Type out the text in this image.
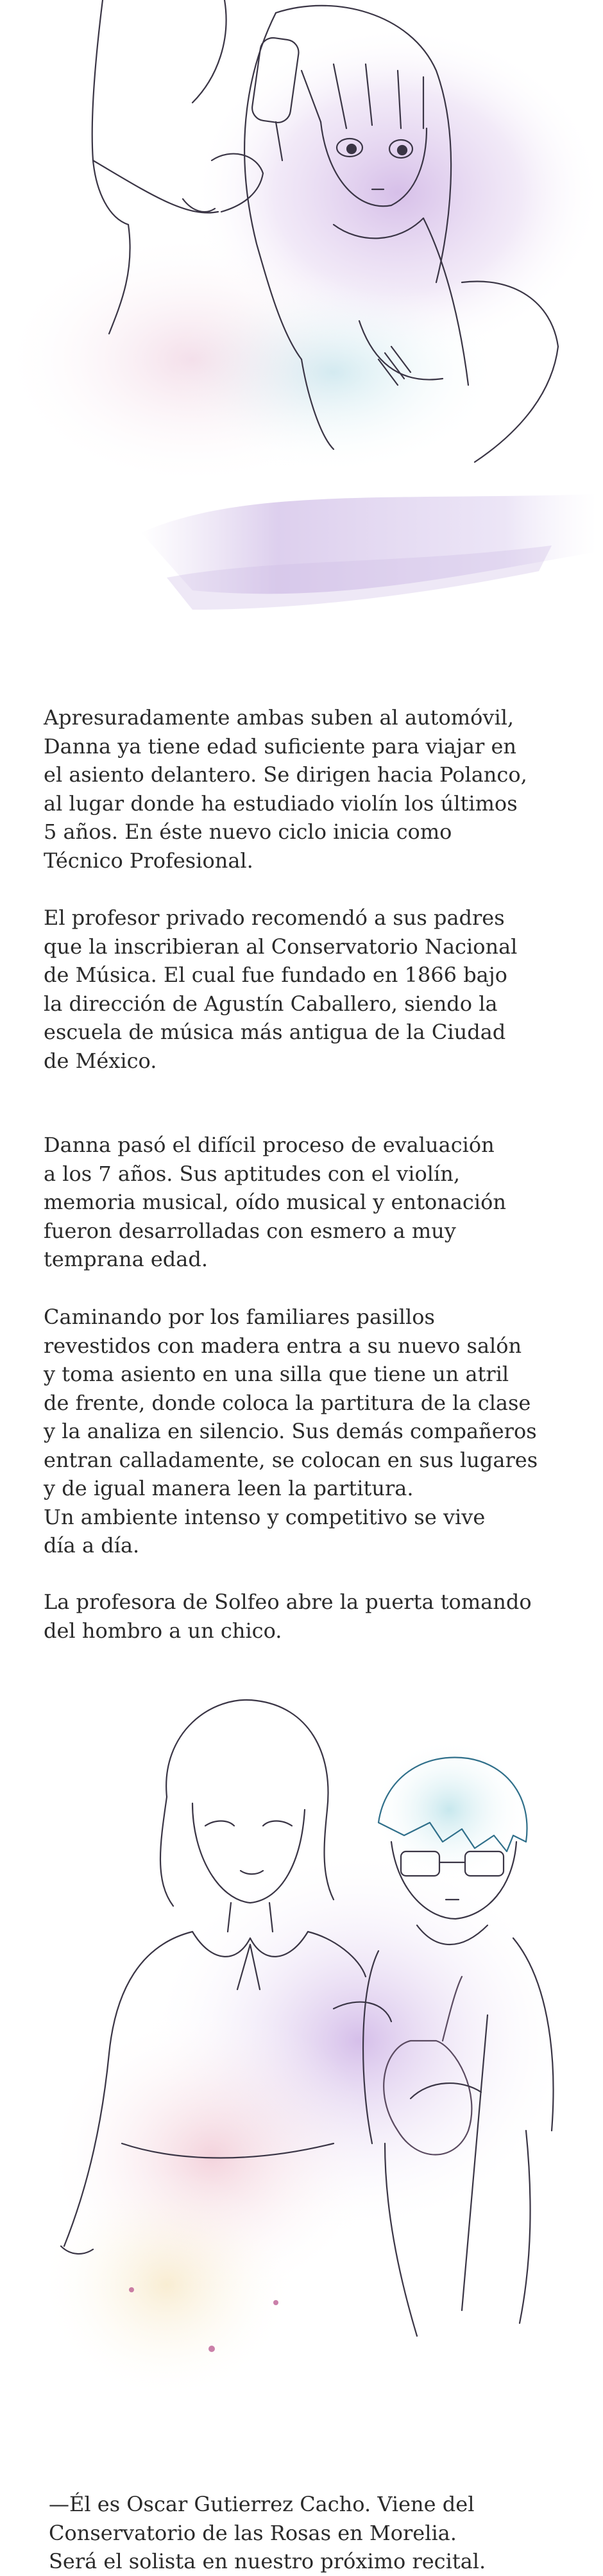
Apresuradamente ambas suben al automóvil,
Danna ya tiene edad suficiente para viajar en
el asiento delantero. Se dirigen hacia Polanco,
al lugar donde ha estudiado violín los últimos
5 años. En éste nuevo ciclo inicia como
Técnico Profesional.

El profesor privado recomendó a sus padres
que la inscribieran al Conservatorio Nacional
de Música. El cual fue fundado en 1866 bajo
la dirección de Agustín Caballero, siendo la
escuela de música más antigua de la Ciudad
de México.

Danna pasó el difícil proceso de evaluación
a los 7 años. Sus aptitudes con el violín,
memoria musical, oído musical y entonación
fueron desarrolladas con esmero a muy
temprana edad.

Caminando por los familiares pasillos
revestidos con madera entra a su nuevo salón
y toma asiento en una silla que tiene un atril
de frente, donde coloca la partitura de la clase
y la analiza en silencio. Sus demás compañeros
entran calladamente, se colocan en sus lugares
y de igual manera leen la partitura.
Un ambiente intenso y competitivo se vive
día a día.

La profesora de Solfeo abre la puerta tomando
del hombro a un chico.

—Él es Oscar Gutierrez Cacho. Viene del
Conservatorio de las Rosas en Morelia.
Será el solista en nuestro próximo recital.
